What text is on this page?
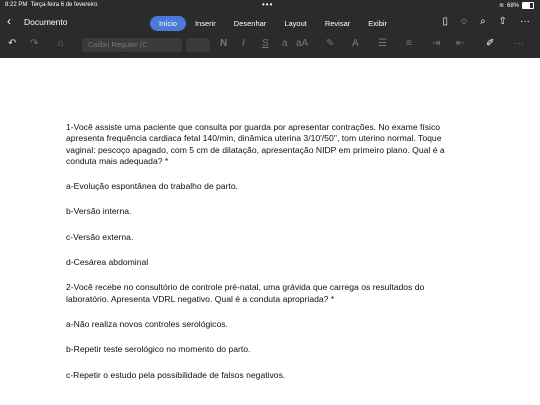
8:22 PM Terça-feira 6 de fevereiro	•••	≋ 68%
‹ Documento	Início	Inserir	Desenhar	Layout	Revisar	Exibir	▯ ◌ ⌕ ⇧ ···
↶ ↷ ⌂	Calibri Regular (C	N I S a aA ✎ A ☰ ≡ ⇥ ⇤ ✐ ···

1-Você assiste uma paciente que consulta por guarda por apresentar contrações. No exame físico apresenta frequência cardiaca fetal 140/min, dinâmica uterina 3/10'/50'', tom uterino normal. Toque vaginal: pescoço apagado, com 5 cm de dilatação, apresentação NIDP em primeiro plano. Qual é a conduta mais adequada? *

a-Evolução espontânea do trabalho de parto.

b-Versão interna.

c-Versão externa.

d-Cesárea abdominal

2-Você recebe no consultório de controle pré-natal, uma grávida que carrega os resultados do laboratório. Apresenta VDRL negativo. Qual é a conduta apropriada? *

a-Não realiza novos controles serológicos.

b-Repetir teste serológico no momento do parto.

c-Repetir o estudo pela possibilidade de falsos negativos.
